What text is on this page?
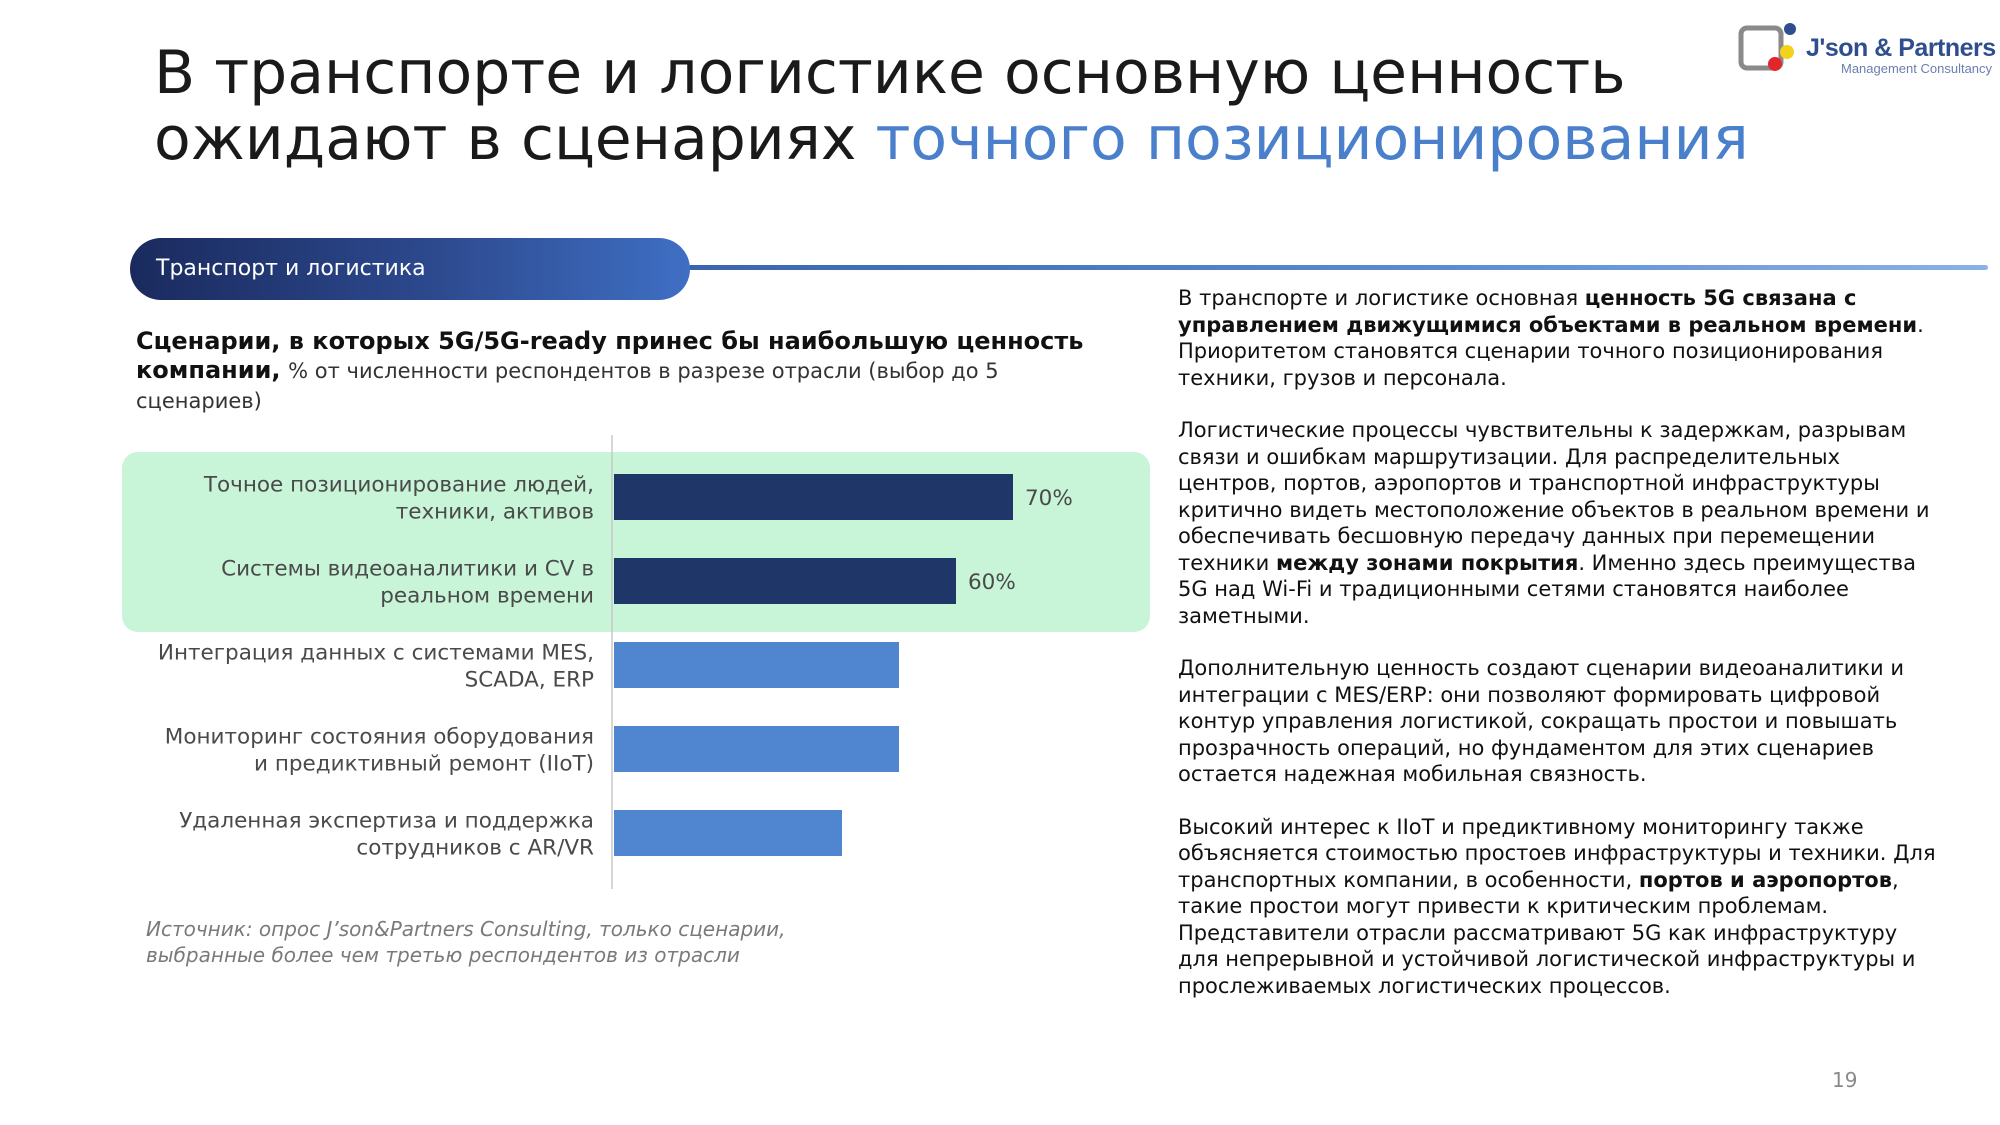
В транспорте и логистике основную ценность
ожидают в сценариях точного позиционирования
J'son & Partners
Management Consultancy
Транспорт и логистика
Сценарии, в которых 5G/5G-ready принес бы наибольшую ценность компании, % от численности респондентов в разрезе отрасли (выбор до 5 сценариев)
Точное позиционирование людей, техники, активов
70%
Системы видеоаналитики и CV в реальном времени
60%
Интеграция данных с системами MES, SCADA, ERP
Мониторинг состояния оборудования и предиктивный ремонт (IIoT)
Удаленная экспертиза и поддержка сотрудников с AR/VR
Источник: опрос J’son&Partners Consulting, только сценарии, выбранные более чем третью респондентов из отрасли

В транспорте и логистике основная ценность 5G связана с управлением движущимися объектами в реальном времени. Приоритетом становятся сценарии точного позиционирования техники, грузов и персонала.

Логистические процессы чувствительны к задержкам, разрывам связи и ошибкам маршрутизации. Для распределительных центров, портов, аэропортов и транспортной инфраструктуры критично видеть местоположение объектов в реальном времени и обеспечивать бесшовную передачу данных при перемещении техники между зонами покрытия. Именно здесь преимущества 5G над Wi-Fi и традиционными сетями становятся наиболее заметными.

Дополнительную ценность создают сценарии видеоаналитики и интеграции с MES/ERP: они позволяют формировать цифровой контур управления логистикой, сокращать простои и повышать прозрачность операций, но фундаментом для этих сценариев остается надежная мобильная связность.

Высокий интерес к IIoT и предиктивному мониторингу также объясняется стоимостью простоев инфраструктуры и техники. Для транспортных компании, в особенности, портов и аэропортов, такие простои могут привести к критическим проблемам. Представители отрасли рассматривают 5G как инфраструктуру для непрерывной и устойчивой логистической инфраструктуры и прослеживаемых логистических процессов.

19
